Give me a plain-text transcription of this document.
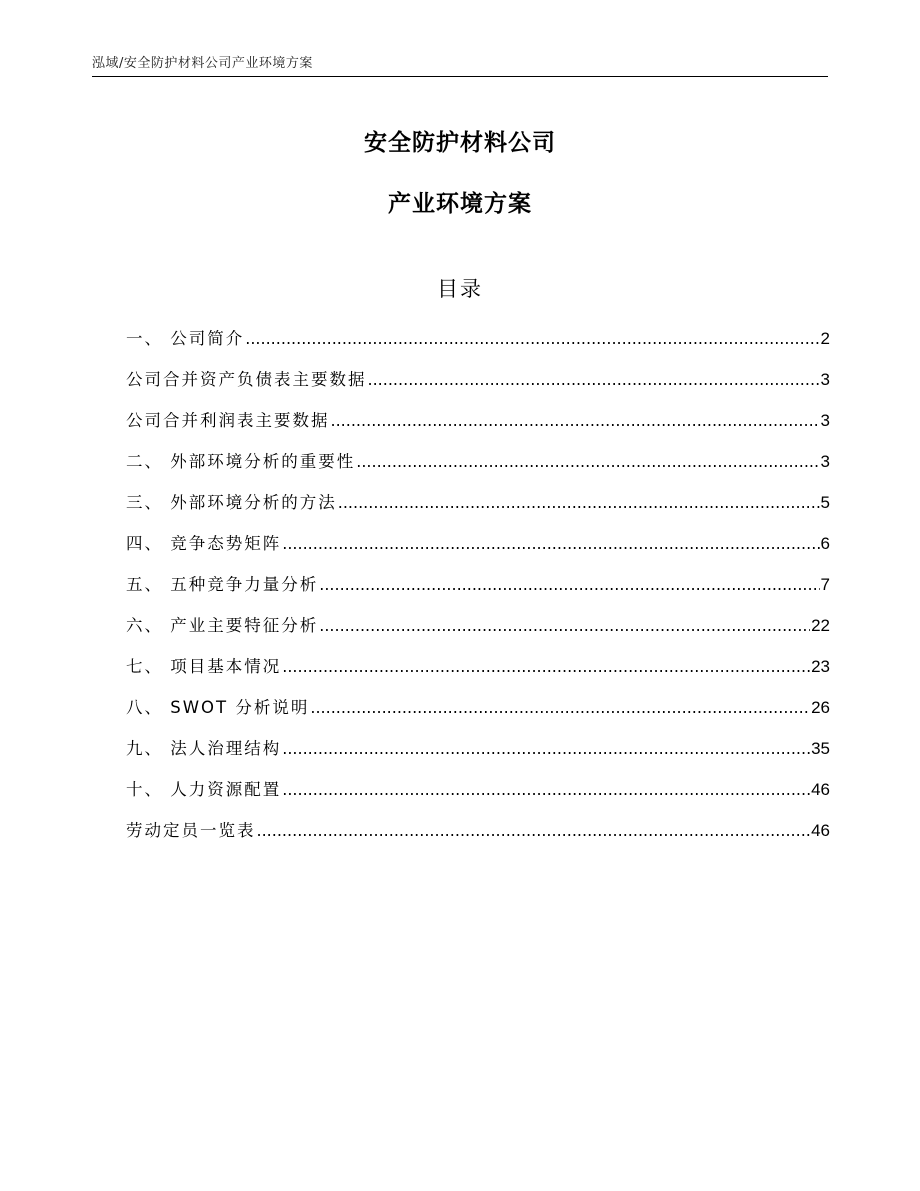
泓域/安全防护材料公司产业环境方案
安全防护材料公司
产业环境方案
目录
一、 公司简介 .....	2
公司合并资产负债表主要数据 .....	3
公司合并利润表主要数据 .....	3
二、 外部环境分析的重要性 .....	3
三、 外部环境分析的方法 .....	5
四、 竞争态势矩阵 .....	6
五、 五种竞争力量分析 .....	7
六、 产业主要特征分析 .....	22
七、 项目基本情况 .....	23
八、 SWOT 分析说明 .....	26
九、 法人治理结构 .....	35
十、 人力资源配置 .....	46
劳动定员一览表 .....	46
